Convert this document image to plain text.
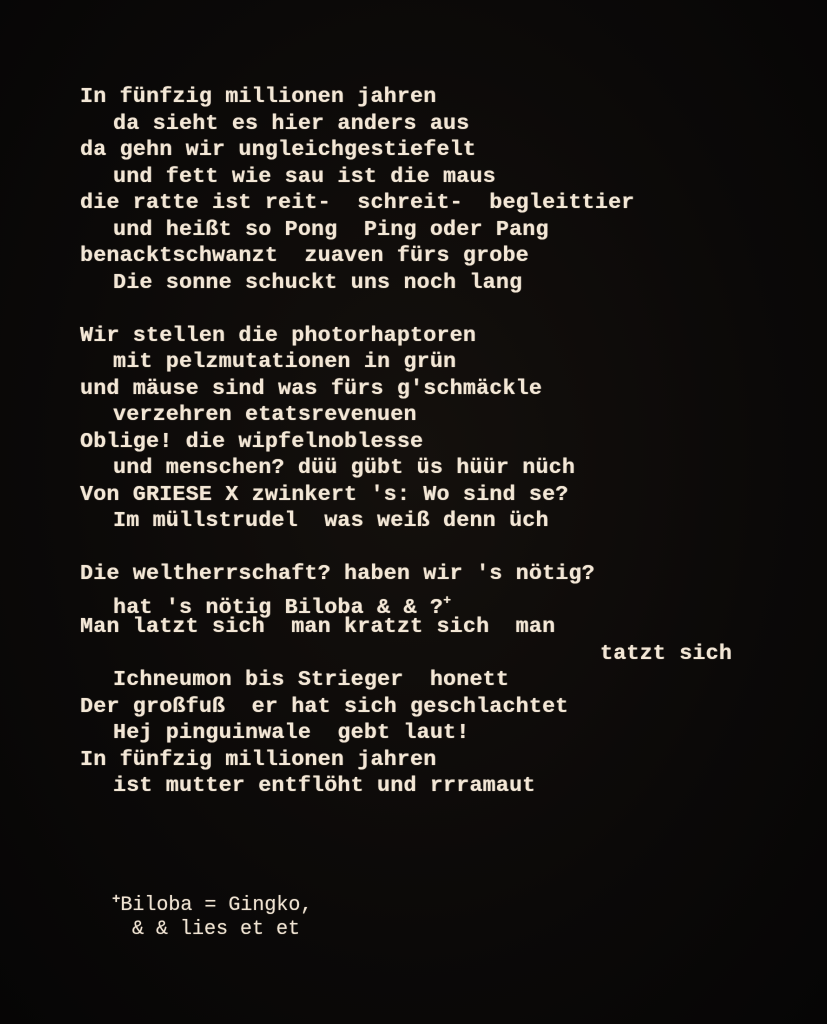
In fünfzig millionen jahren
da sieht es hier anders aus
da gehn wir ungleichgestiefelt
und fett wie sau ist die maus
die ratte ist reit-  schreit-  begleittier
und heißt so Pong  Ping oder Pang
benacktschwanzt  zuaven fürs grobe
Die sonne schuckt uns noch lang
Wir stellen die photorhaptoren
mit pelzmutationen in grün
und mäuse sind was fürs g'schmäckle
verzehren etatsrevenuen
Oblige! die wipfelnoblesse
und menschen? düü gübt üs hüür nüch
Von GRIESE X zwinkert 's: Wo sind se?
Im müllstrudel  was weiß denn üch
Die weltherrschaft? haben wir 's nötig?
hat 's nötig Biloba & & ?+
Man latzt sich  man kratzt sich  man
tatzt sich
Ichneumon bis Strieger  honett
Der großfuß  er hat sich geschlachtet
Hej pinguinwale  gebt laut!
In fünfzig millionen jahren
ist mutter entflöht und rrramaut
+Biloba = Gingko,
& & lies et et
